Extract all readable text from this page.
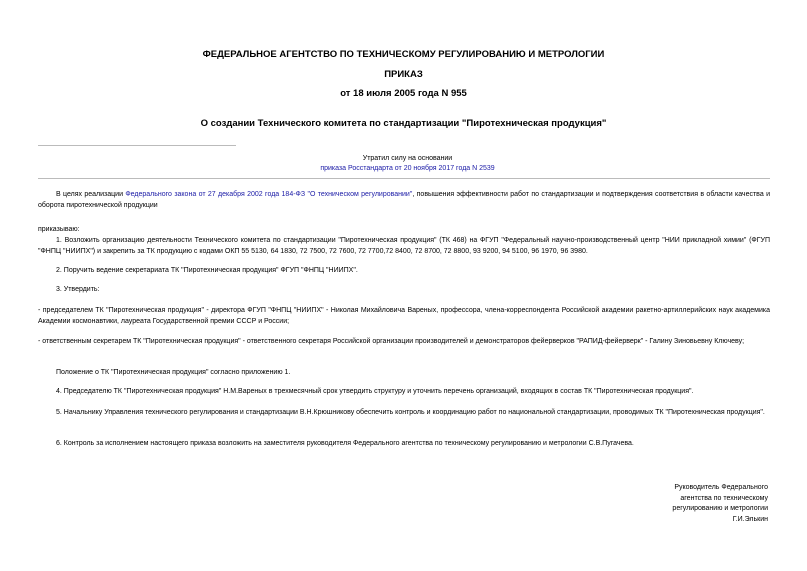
ФЕДЕРАЛЬНОЕ АГЕНТСТВО ПО ТЕХНИЧЕСКОМУ РЕГУЛИРОВАНИЮ И МЕТРОЛОГИИ
ПРИКАЗ
от 18 июля 2005 года N 955
О создании Технического комитета по стандартизации "Пиротехническая продукция"
Утратил силу на основании
приказа Росстандарта от 20 ноября 2017 года N 2539
В целях реализации Федерального закона от 27 декабря 2002 года 184-ФЗ "О техническом регулировании", повышения эффективности работ по стандартизации и подтверждения соответствия в области качества и оборота пиротехнической продукции
приказываю:
1. Возложить организацию деятельности Технического комитета по стандартизации "Пиротехническая продукция" (ТК 468) на ФГУП "Федеральный научно-производственный центр "НИИ прикладной химии" (ФГУП "ФНПЦ "НИИПХ") и закрепить за ТК продукцию с кодами ОКП 55 5130, 64 1830, 72 7500, 72 7600, 72 7700,72 8400, 72 8700, 72 8800, 93 9200, 94 5100, 96 1970, 96 3980.
2. Поручить ведение секретариата ТК "Пиротехническая продукция" ФГУП "ФНПЦ "НИИПХ".
3. Утвердить:
- председателем ТК "Пиротехническая продукция" - директора ФГУП "ФНПЦ "НИИПХ" - Николая Михайловича Вареных, профессора, члена-корреспондента Российской академии ракетно-артиллерийских наук академика Академии космонавтики, лауреата Государственной премии СССР и России;
- ответственным секретарем ТК "Пиротехническая продукция" - ответственного секретаря Российской организации производителей и демонстраторов фейерверков "РАПИД-фейерверк" - Галину Зиновьевну Ключеву;
Положение о ТК "Пиротехническая продукция" согласно приложению 1.
4. Председателю ТК "Пиротехническая продукция" Н.М.Вареных в трехмесячный срок утвердить структуру и уточнить перечень организаций, входящих в состав ТК "Пиротехническая продукция".
5. Начальнику Управления технического регулирования и стандартизации В.Н.Крюшникову обеспечить контроль и координацию работ по национальной стандартизации, проводимых ТК "Пиротехническая продукция".
6. Контроль за исполнением настоящего приказа возложить на заместителя руководителя Федерального агентства по техническому регулированию и метрологии С.В.Пугачева.
Руководитель Федерального
агентства по техническому
регулированию и метрологии
Г.И.Элькин
